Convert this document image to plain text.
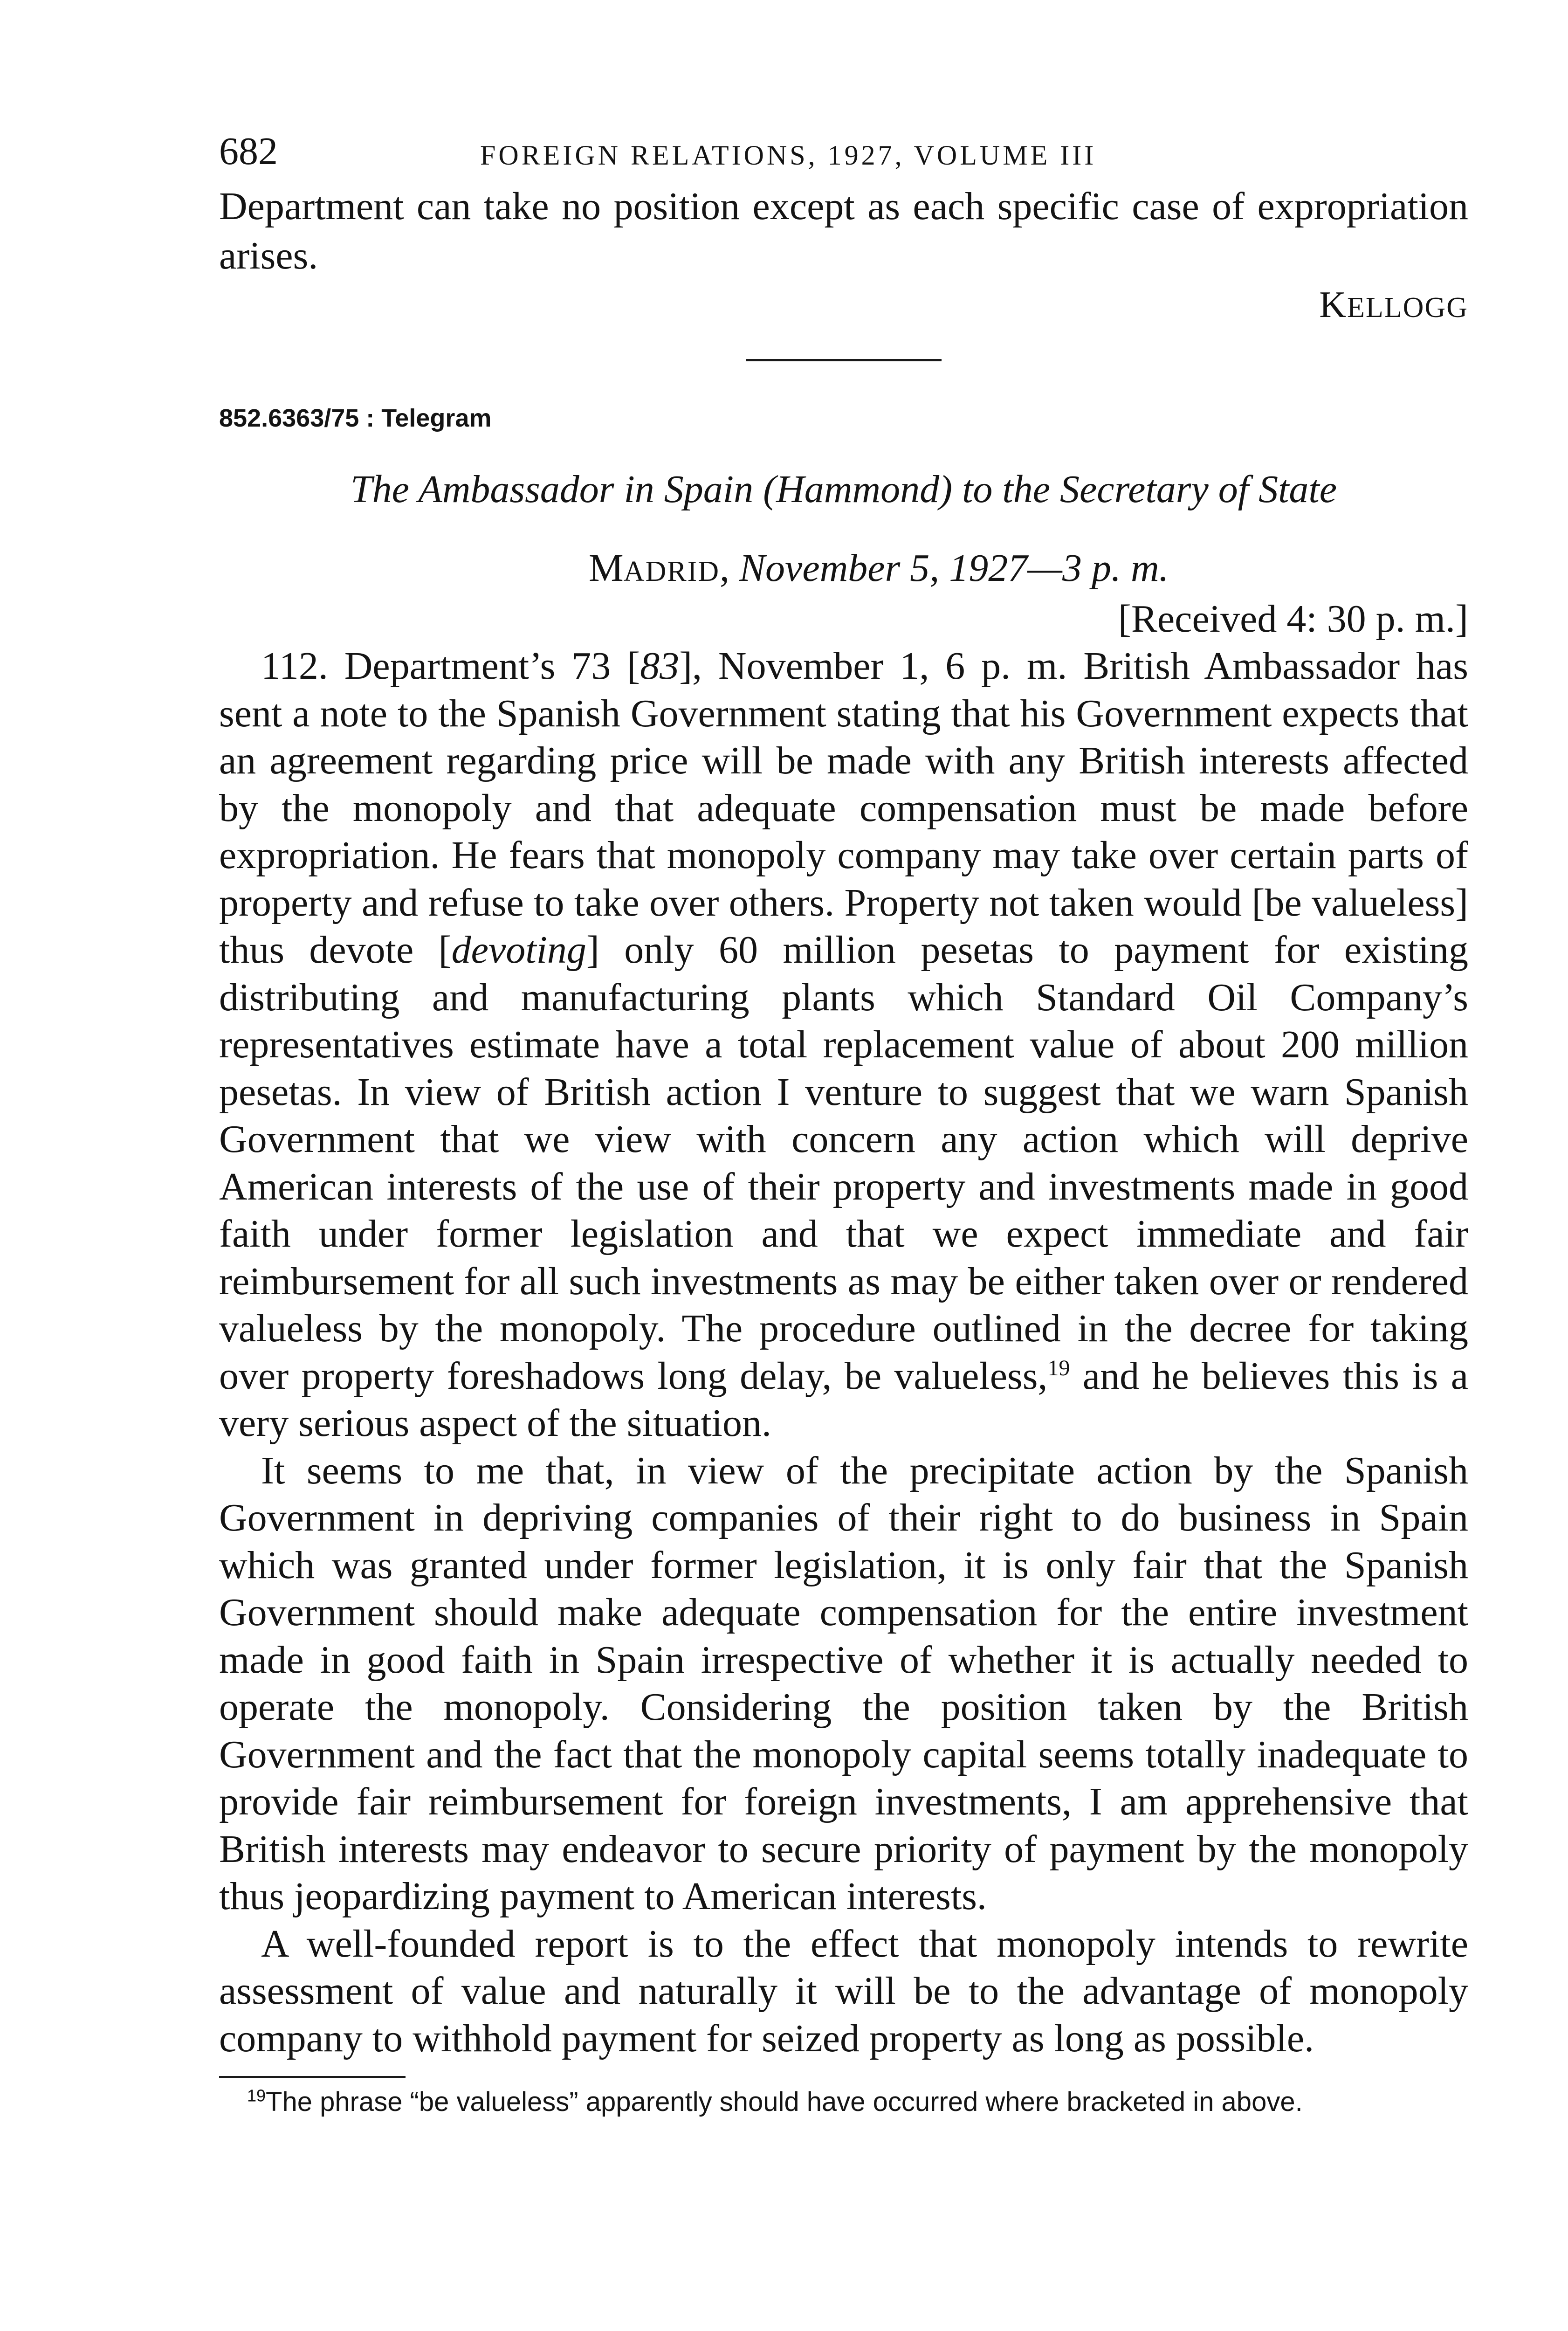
682	FOREIGN RELATIONS, 1927, VOLUME III
Department can take no position except as each specific case of expropriation arises.
KELLOGG
852.6363/75 : Telegram
The Ambassador in Spain (Hammond) to the Secretary of State
MADRID, November 5, 1927—3 p. m.
[Received 4: 30 p. m.]

112. Department’s 73 [83], November 1, 6 p. m. British Ambassador has sent a note to the Spanish Government stating that his Government expects that an agreement regarding price will be made with any British interests affected by the monopoly and that adequate compensation must be made before expropriation. He fears that monopoly company may take over certain parts of property and refuse to take over others. Property not taken would [be valueless] thus devote [devoting] only 60 million pesetas to payment for existing distributing and manufacturing plants which Standard Oil Company’s representatives estimate have a total replacement value of about 200 million pesetas. In view of British action I venture to suggest that we warn Spanish Government that we view with concern any action which will deprive American interests of the use of their property and investments made in good faith under former legislation and that we expect immediate and fair reimbursement for all such investments as may be either taken over or rendered valueless by the monopoly. The procedure outlined in the decree for taking over property foreshadows long delay, be valueless,$^{19}$ and he believes this is a very serious aspect of the situation.

It seems to me that, in view of the precipitate action by the Spanish Government in depriving companies of their right to do business in Spain which was granted under former legislation, it is only fair that the Spanish Government should make adequate compensation for the entire investment made in good faith in Spain irrespective of whether it is actually needed to operate the monopoly. Considering the position taken by the British Government and the fact that the monopoly capital seems totally inadequate to provide fair reimbursement for foreign investments, I am apprehensive that British interests may endeavor to secure priority of payment by the monopoly thus jeopardizing payment to American interests.

A well-founded report is to the effect that monopoly intends to rewrite assessment of value and naturally it will be to the advantage of monopoly company to withhold payment for seized property as long as possible.

$^{19}$The phrase “be valueless” apparently should have occurred where bracketed in above.
